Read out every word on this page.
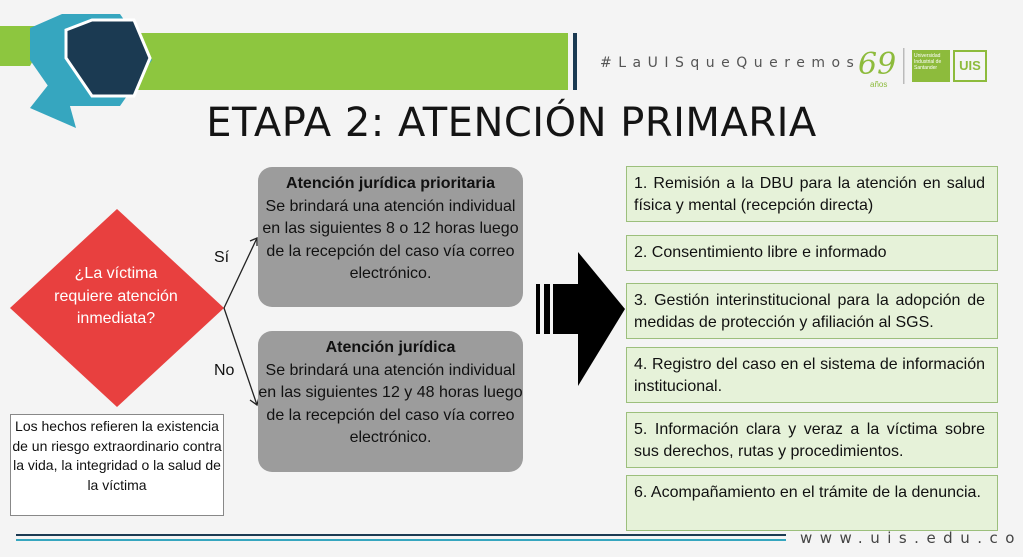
#LaUISqueQueremos
69
años
Universidad Industrial de Santander	UIS
ETAPA 2: ATENCIÓN PRIMARIA
¿La víctima requiere atención inmediata?
Sí
No
Atención jurídica prioritaria
Se brindará una atención individual en las siguientes 8 o 12 horas luego de la recepción del caso vía correo electrónico.
Atención jurídica
Se brindará una atención individual en las siguientes 12 y 48 horas luego de la recepción del caso vía correo electrónico.
Los hechos refieren la existencia de un riesgo extraordinario contra la vida, la integridad o la salud de la víctima
1. Remisión a la DBU para la atención en salud física y mental (recepción directa)
2. Consentimiento libre e informado
3. Gestión interinstitucional para la adopción de medidas de protección y afiliación al SGS.
4. Registro del caso en el sistema de información institucional.
5. Información clara y veraz a la víctima sobre sus derechos, rutas y procedimientos.
6. Acompañamiento en el trámite de la denuncia.
www.uis.edu.co
